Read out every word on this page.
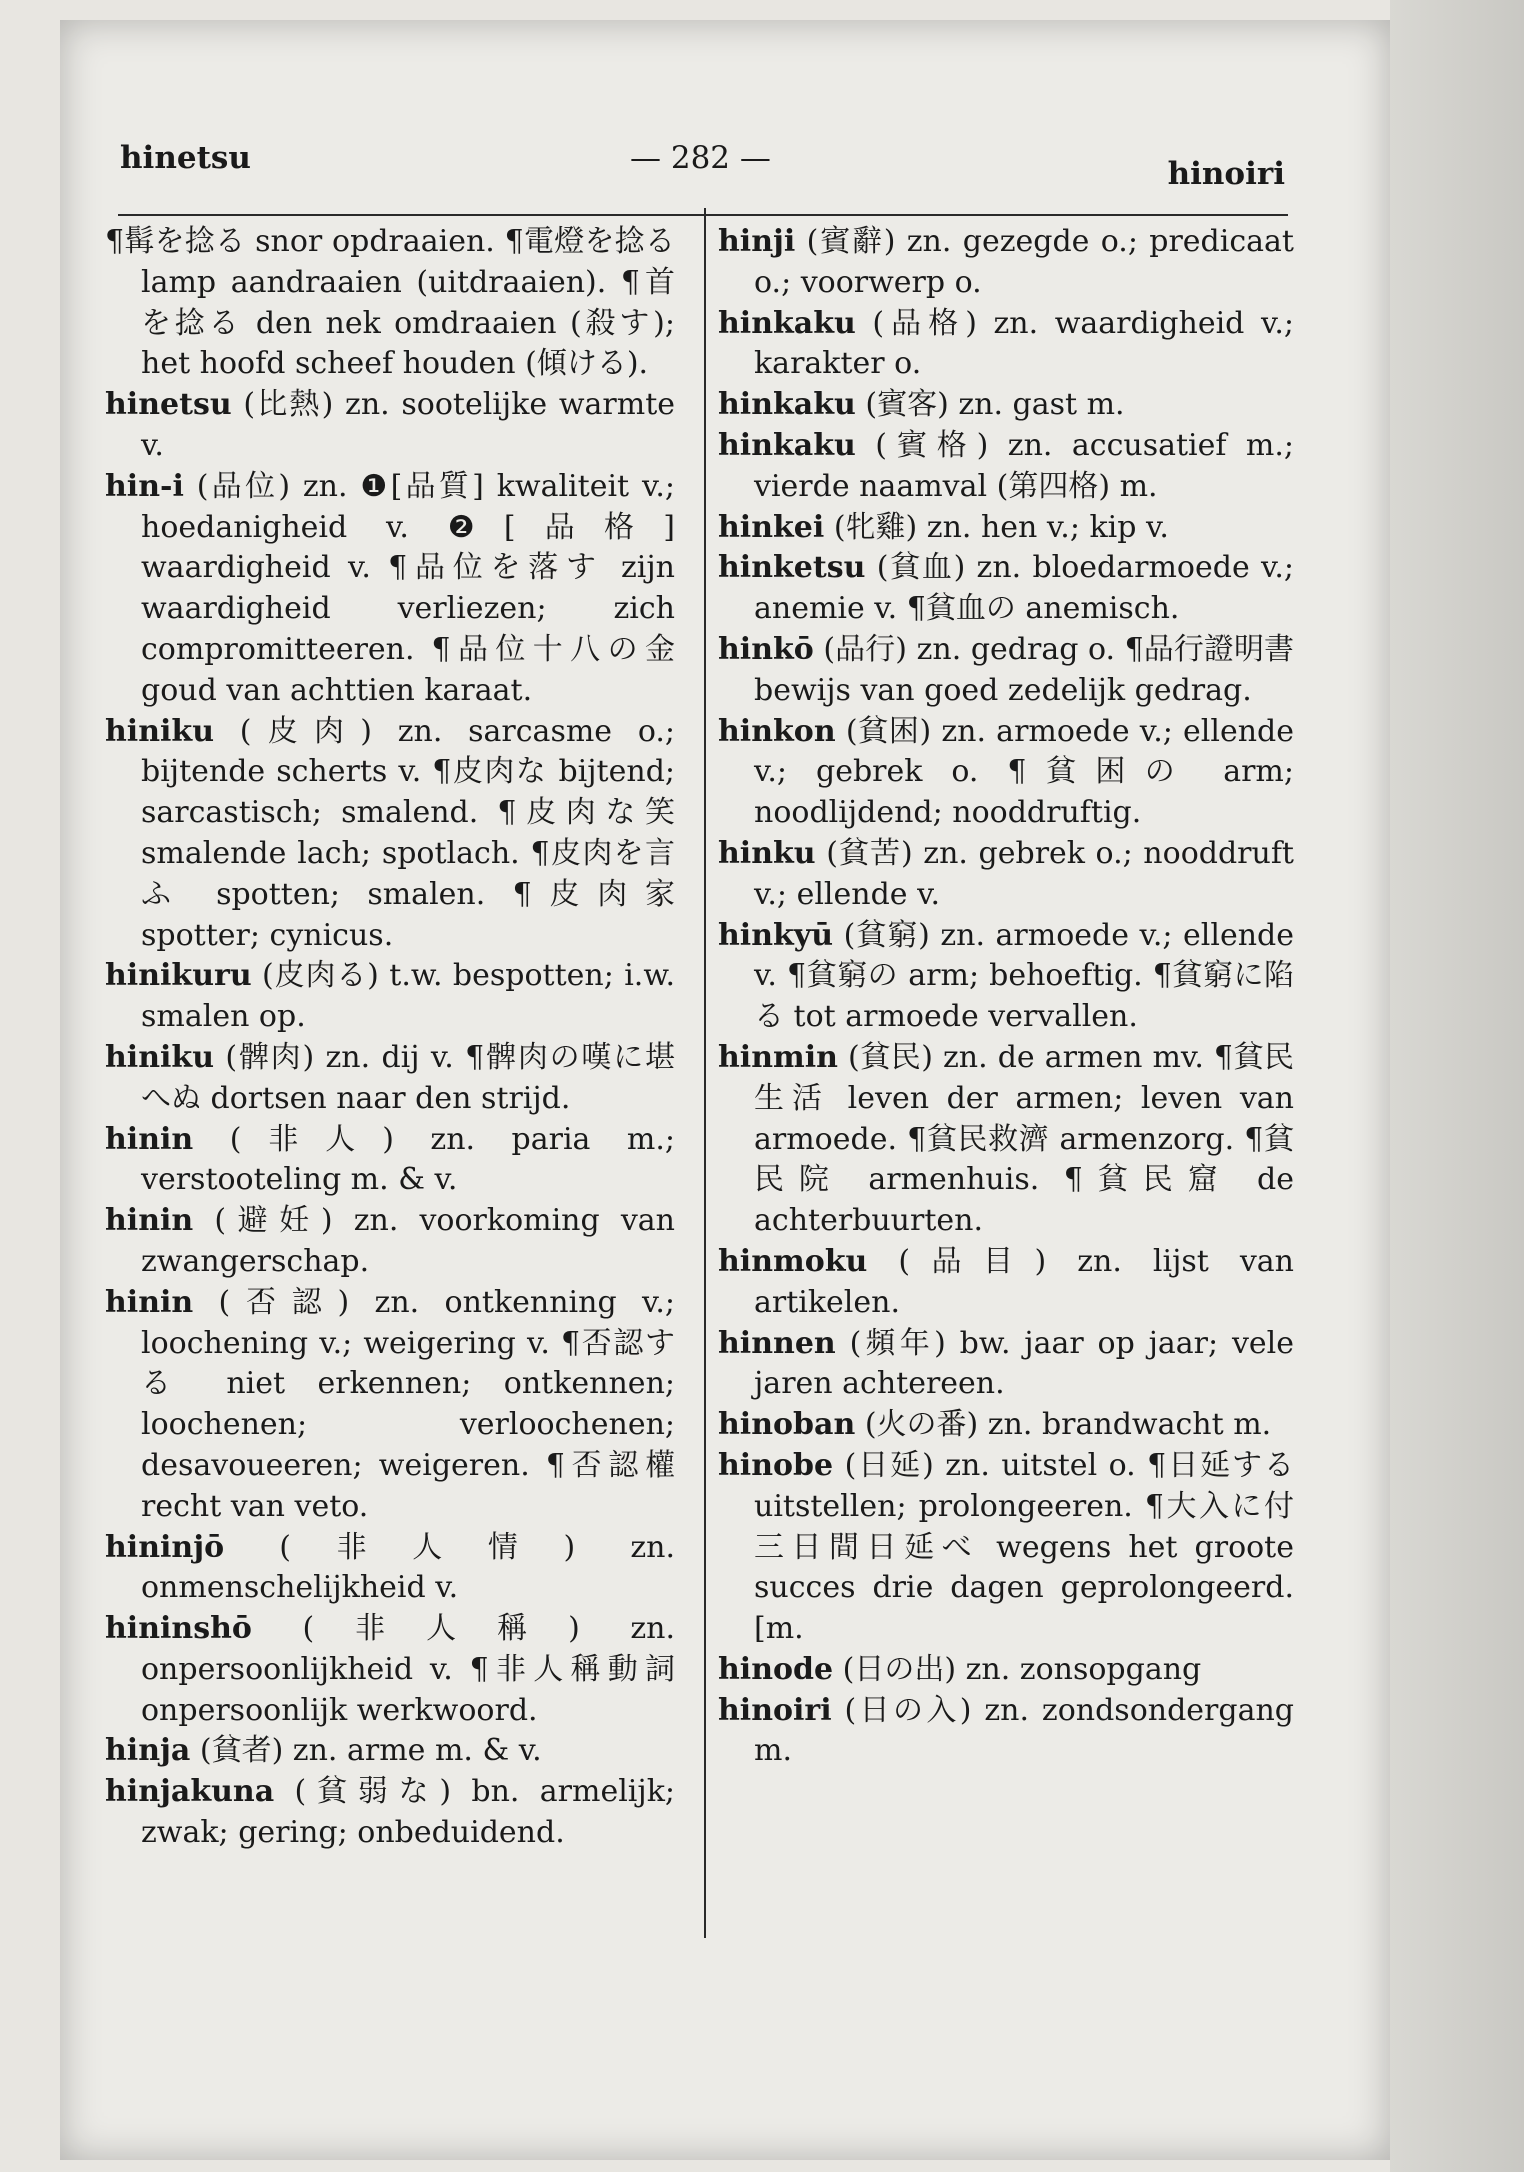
hinetsu	— 282 —	hinoiri

¶髯を捻る snor opdraaien. ¶電燈を捻る lamp aandraaien (uitdraaien). ¶首を捻る den nek omdraaien (殺す); het hoofd scheef houden (傾ける).

hinetsu (比熱) zn. sootelijke warmte v.

hin-i (品位) zn. ❶[品質] kwaliteit v.; hoedanigheid v. ❷[品格] waardigheid v. ¶品位を落す zijn waardigheid verliezen; zich compromitteeren. ¶品位十八の金 goud van achttien karaat.

hiniku (皮肉) zn. sarcasme o.; bijtende scherts v. ¶皮肉な bijtend; sarcastisch; smalend. ¶皮肉な笑 smalende lach; spotlach. ¶皮肉を言ふ spotten; smalen. ¶皮肉家 spotter; cynicus.

hinikuru (皮肉る) t.w. bespotten; i.w. smalen op.

hiniku (髀肉) zn. dij v. ¶髀肉の嘆に堪へぬ dortsen naar den strijd.

hinin (非人) zn. paria m.; verstooteling m. & v.

hinin (避妊) zn. voorkoming van zwangerschap.

hinin (否認) zn. ontkenning v.; loochening v.; weigering v. ¶否認する niet erkennen; ontkennen; loochenen; verloochenen; desavoueeren; weigeren. ¶否認權 recht van veto.

hininjō (非人情) zn. onmenschelijkheid v.

hininshō (非人稱) zn. onpersoonlijkheid v. ¶非人稱動詞 onpersoonlijk werkwoord.

hinja (貧者) zn. arme m. & v.

hinjakuna (貧弱な) bn. armelijk; zwak; gering; onbeduidend.

hinji (賓辭) zn. gezegde o.; predicaat o.; voorwerp o.

hinkaku (品格) zn. waardigheid v.; karakter o.

hinkaku (賓客) zn. gast m.

hinkaku (賓格) zn. accusatief m.; vierde naamval (第四格) m.

hinkei (牝雞) zn. hen v.; kip v.

hinketsu (貧血) zn. bloedarmoede v.; anemie v. ¶貧血の anemisch.

hinkō (品行) zn. gedrag o. ¶品行證明書 bewijs van goed zedelijk gedrag.

hinkon (貧困) zn. armoede v.; ellende v.; gebrek o. ¶貧困の arm; noodlijdend; nooddruftig.

hinku (貧苦) zn. gebrek o.; nooddruft v.; ellende v.

hinkyū (貧窮) zn. armoede v.; ellende v. ¶貧窮の arm; behoeftig. ¶貧窮に陷る tot armoede vervallen.

hinmin (貧民) zn. de armen mv. ¶貧民生活 leven der armen; leven van armoede. ¶貧民救濟 armenzorg. ¶貧民院 armenhuis. ¶貧民窟 de achterbuurten.

hinmoku (品目) zn. lijst van artikelen.

hinnen (頻年) bw. jaar op jaar; vele jaren achtereen.

hinoban (火の番) zn. brandwacht m.

hinobe (日延) zn. uitstel o. ¶日延する uitstellen; prolongeeren. ¶大入に付三日間日延べ wegens het groote succes drie dagen geprolongeerd. [m.

hinode (日の出) zn. zonsopgang

hinoiri (日の入) zn. zondsondergang m.
